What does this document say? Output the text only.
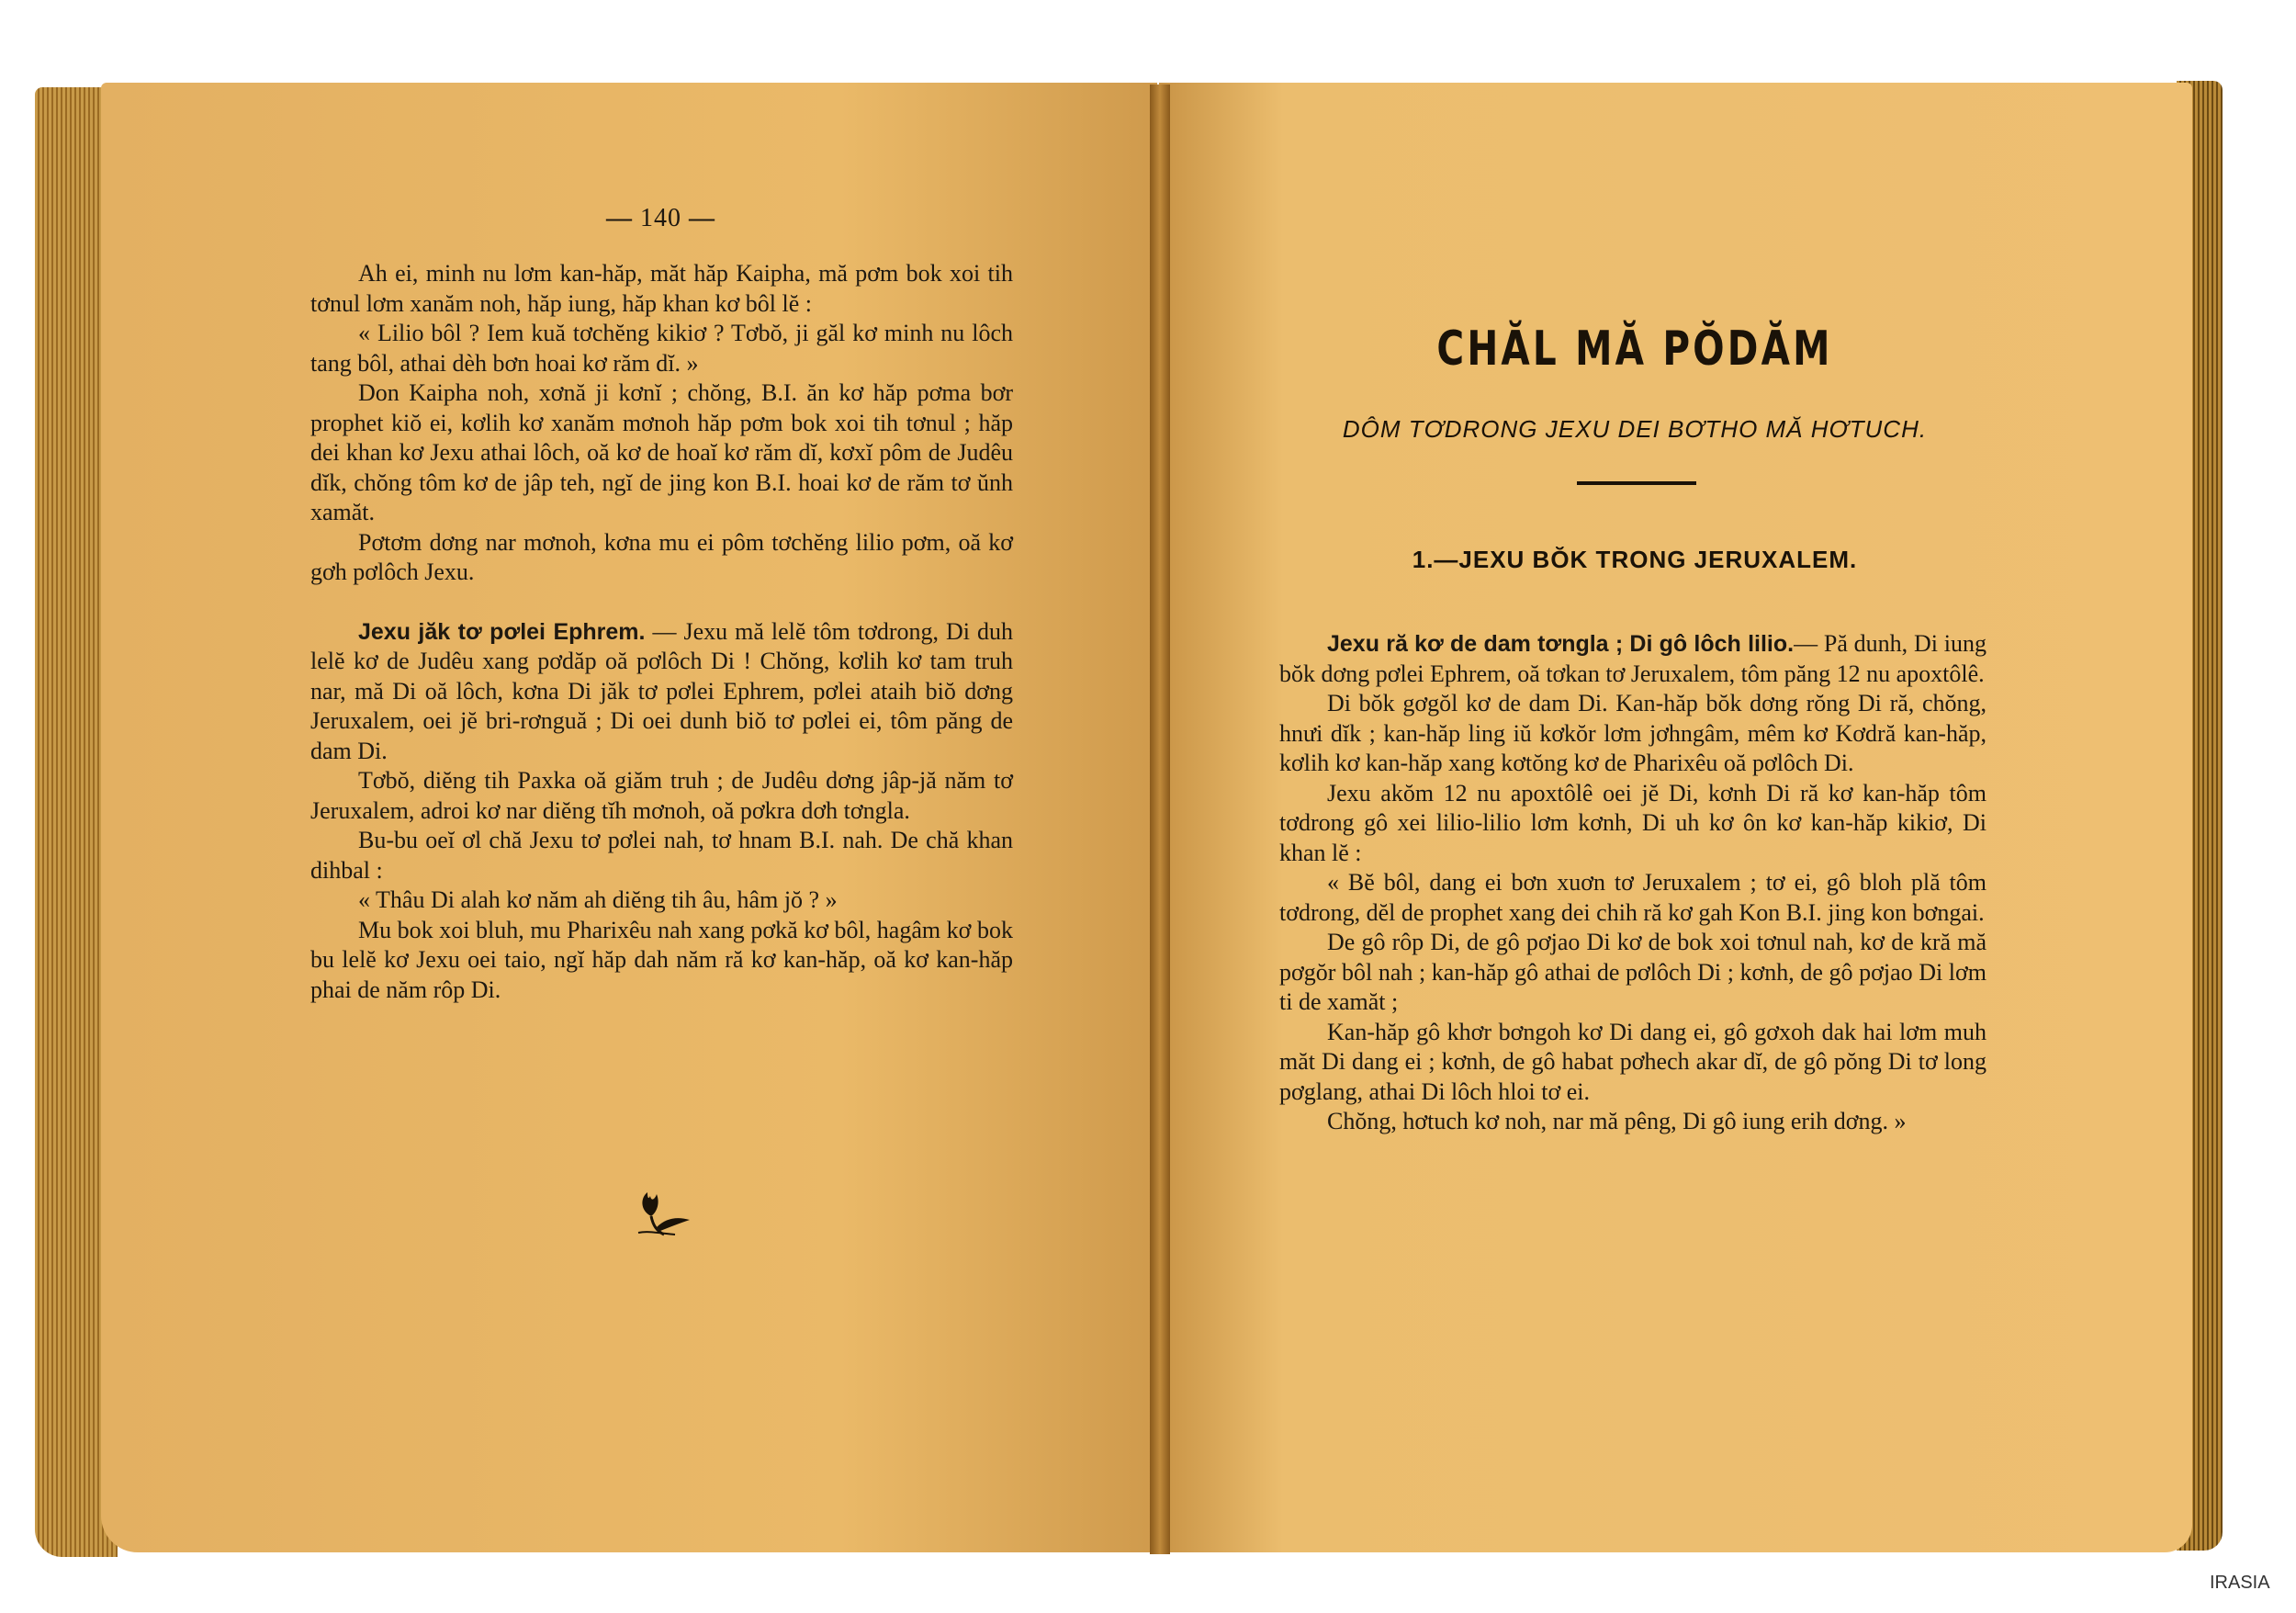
— 140 —

Ah ei, minh nu lơm kan-hăp, măt hăp Kaipha, mă pơm bok xoi tih tơnul lơm xanăm noh, hăp iung, hăp khan kơ bôl lĕ :

« Lilio bôl ? Iem kuă tơchĕng kikiơ ? Tơbŏ, ji găl kơ minh nu lôch tang bôl, athai dèh bơn hoai kơ răm dĭ. »

Don Kaipha noh, xơnă ji kơnĭ ; chŏng, B.I. ăn kơ hăp pơma bơr prophet kiŏ ei, kơlih kơ xanăm mơnoh hăp pơm bok xoi tih tơnul ; hăp dei khan kơ Jexu athai lôch, oă kơ de hoaĭ kơ răm dĭ, kơxĭ pôm de Judêu dĭk, chŏng tôm kơ de jâp teh, ngĭ de jing kon B.I. hoai kơ de răm tơ ŭnh xamăt.

Pơtơm dơng nar mơnoh, kơna mu ei pôm tơchĕng lilio pơm, oă kơ gơh pơlôch Jexu.

Jexu jăk tơ pơlei Ephrem. — Jexu mă lelĕ tôm tơdrong, Di duh lelĕ kơ de Judêu xang pơdăp oă pơlôch Di ! Chŏng, kơlih kơ tam truh nar, mă Di oă lôch, kơna Di jăk tơ pơlei Ephrem, pơlei ataih biŏ dơng Jeruxalem, oei jĕ bri-rơnguă ; Di oei dunh biŏ tơ pơlei ei, tôm păng de dam Di.

Tơbŏ, diĕng tih Paxka oă giăm truh ; de Judêu dơng jâp-jă năm tơ Jeruxalem, adroi kơ nar diĕng tĭh mơnoh, oă pơkra dơh tơngla.

Bu-bu oeĭ ơl chă Jexu tơ pơlei nah, tơ hnam B.I. nah. De chă khan dihbal :

« Thâu Di alah kơ năm ah diĕng tih âu, hâm jŏ ? »

Mu bok xoi bluh, mu Pharixêu nah xang pơkă kơ bôl, hagâm kơ bok bu lelĕ kơ Jexu oei taio, ngĭ hăp dah năm ră kơ kan-hăp, oă kơ kan-hăp phai de năm rôp Di.

CHĂL MĂ PŎDĂM
DÔM TƠDRONG JEXU DEI BƠTHO MĂ HƠTUCH.
1.—JEXU BŎK TRONG JERUXALEM.

Jexu ră kơ de dam tơngla ; Di gô lôch lilio.— Pă dunh, Di iung bŏk dơng pơlei Ephrem, oă tơkan tơ Jeruxalem, tôm păng 12 nu apoxtôlê.

Di bŏk gơgŏl kơ de dam Di. Kan-hăp bŏk dơng rŏng Di ră, chŏng, hnưi dĭk ; kan-hăp ling iŭ kơkŏr lơm jơhngâm, mêm kơ Kơdră kan-hăp, kơlih kơ kan-hăp xang kơtŏng kơ de Pharixêu oă pơlôch Di.

Jexu akŏm 12 nu apoxtôlê oei jĕ Di, kơnh Di ră kơ kan-hăp tôm tơdrong gô xei lilio-lilio lơm kơnh, Di uh kơ ôn kơ kan-hăp kikiơ, Di khan lĕ :

« Bĕ bôl, dang ei bơn xuơn tơ Jeruxalem ; tơ ei, gô bloh plă tôm tơdrong, dĕl de prophet xang dei chih ră kơ gah Kon B.I. jing kon bơngai.

De gô rôp Di, de gô pơjao Di kơ de bok xoi tơnul nah, kơ de kră mă pơgŏr bôl nah ; kan-hăp gô athai de pơlôch Di ; kơnh, de gô pơjao Di lơm ti de xamăt ;

Kan-hăp gô khơr bơngoh kơ Di dang ei, gô gơxoh dak hai lơm muh măt Di dang ei ; kơnh, de gô habat pơhech akar dĭ, de gô pŏng Di tơ long pơglang, athai Di lôch hloi tơ ei.

Chŏng, hơtuch kơ noh, nar mă pêng, Di gô iung erih dơng. »

IRASIA
